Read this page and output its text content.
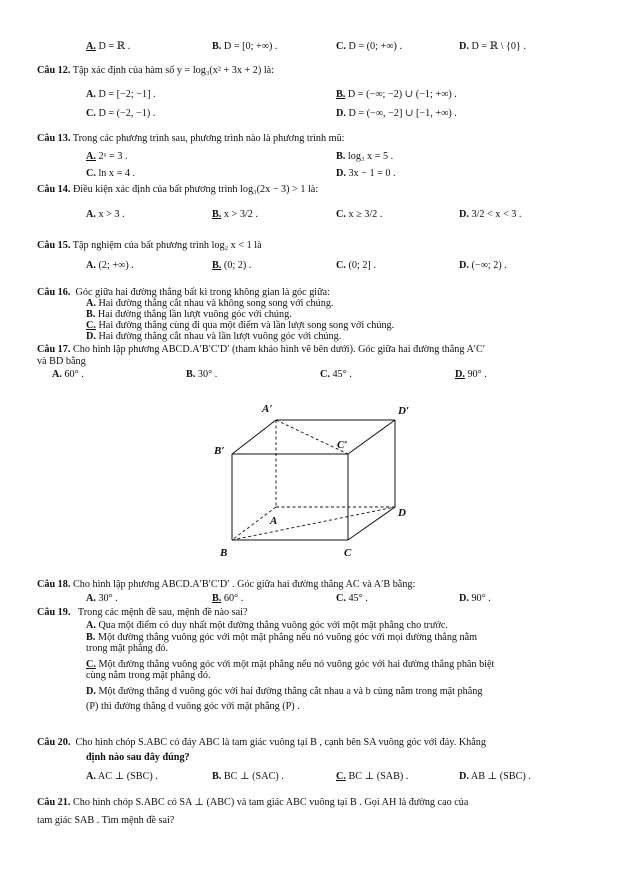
A. D = ℝ .	B. D = [0; +∞) .	C. D = (0; +∞) .	D. D = ℝ \ {0} .
Câu 12. Tập xác định của hàm số y = log₃(x² + 3x + 2) là:
A. D = [−2; −1] .	B. D = (−∞; −2) ∪ (−1; +∞) .
C. D = (−2, −1) .	D. D = (−∞, −2] ∪ [−1, +∞) .
Câu 13. Trong các phương trình sau, phương trình nào là phương trình mũ:
A. 2ˣ = 3 .	B. log₃ x = 5 .
C. ln x = 4 .	D. 3x − 1 = 0 .
Câu 14. Điều kiện xác định của bất phương trình log₃(2x − 3) > 1 là:
A. x > 3 .	B. x > 3/2 .	C. x ≥ 3/2 .	D. 3/2 < x < 3 .
Câu 15. Tập nghiệm của bất phương trình log₂ x < 1 là
A. (2; +∞) .	B. (0; 2) .	C. (0; 2] .	D. (−∞; 2) .
Câu 16. Góc giữa hai đường thẳng bất kì trong không gian là góc giữa:
A. Hai đường thẳng cắt nhau và không song song với chúng.
B. Hai đường thẳng lần lượt vuông góc với chúng.
C. Hai đường thẳng cùng đi qua một điểm và lần lượt song song với chúng.
D. Hai đường thẳng cắt nhau và lần lượt vuông góc với chúng.
Câu 17. Cho hình lập phương ABCD.A′B′C′D′ (tham khảo hình vẽ bên dưới). Góc giữa hai đường thẳng A′C′
và BD bằng
A. 60° .	B. 30° .	C. 45° .	D. 90° .
A′	D′
B′	C′
A
D
B	C
Câu 18. Cho hình lập phương ABCD.A′B′C′D′ . Góc giữa hai đường thẳng AC và A′B bằng:
A. 30° .	B. 60° .	C. 45° .	D. 90° .
Câu 19. Trong các mệnh đề sau, mệnh đề nào sai?
A. Qua một điểm có duy nhất một đường thẳng vuông góc với một mặt phẳng cho trước.
B. Một đường thẳng vuông góc với một mặt phẳng nếu nó vuông góc với mọi đường thẳng nằm
trong mặt phẳng đó.
C. Một đường thẳng vuông góc với một mặt phẳng nếu nó vuông góc với hai đường thẳng phân biệt
cùng nằm trong mặt phẳng đó.
D. Một đường thẳng d vuông góc với hai đường thẳng cắt nhau a và b cùng nằm trong mặt phẳng
(P) thì đường thẳng d vuông góc với mặt phẳng (P) .
Câu 20. Cho hình chóp S.ABC có đáy ABC là tam giác vuông tại B , cạnh bên SA vuông góc với đáy. Khẳng
định nào sau đây đúng?
A. AC ⊥ (SBC) .	B. BC ⊥ (SAC) .	C. BC ⊥ (SAB) .	D. AB ⊥ (SBC) .
Câu 21. Cho hình chóp S.ABC có SA ⊥ (ABC) và tam giác ABC vuông tại B . Gọi AH là đường cao của
tam giác SAB . Tìm mệnh đề sai?
